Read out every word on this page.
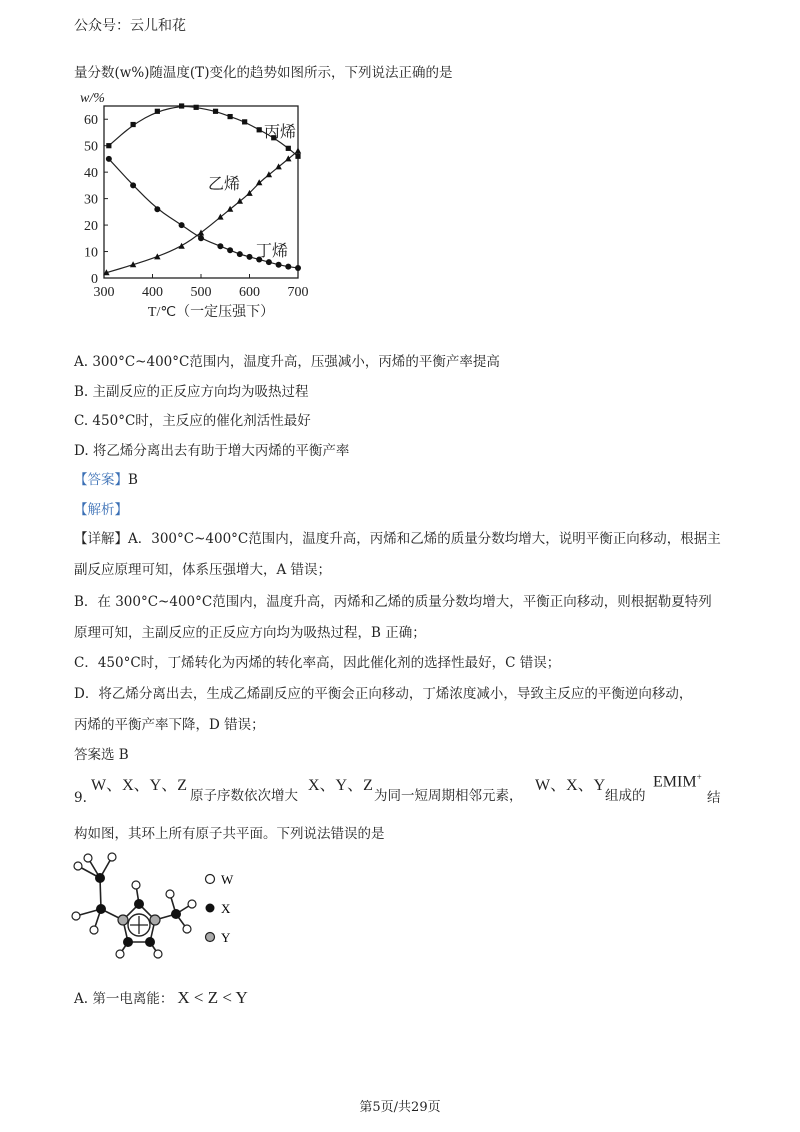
公众号：云儿和花
量分数(w%)随温度(T)变化的趋势如图所示，下列说法正确的是
300 400 500 600 700
0
10
20
30
40
50
60
w/%
T/℃（一定压强下）
丙烯
乙烯
丁烯
A. 300°C~400°C范围内，温度升高，压强减小，丙烯的平衡产率提高
B. 主副反应的正反应方向均为吸热过程
C. 450°C时，主反应的催化剂活性最好
D. 将乙烯分离出去有助于增大丙烯的平衡产率
【答案】B
【解析】
【详解】A．300°C~400°C范围内，温度升高，丙烯和乙烯的质量分数均增大，说明平衡正向移动，根据主
副反应原理可知，体系压强增大，A 错误；
B．在 300°C~400°C范围内，温度升高，丙烯和乙烯的质量分数均增大，平衡正向移动，则根据勒夏特列
原理可知，主副反应的正反应方向均为吸热过程，B 正确；
C．450°C时，丁烯转化为丙烯的转化率高，因此催化剂的选择性最好，C 错误；
D．将乙烯分离出去，生成乙烯副反应的平衡会正向移动，丁烯浓度减小，导致主反应的平衡逆向移动，
丙烯的平衡产率下降，D 错误；
答案选 B
9.
W、X、Y、Z
原子序数依次增大
X、Y、Z
为同一短周期相邻元素，
W、X、Y
组成的
EMIM+
结
构如图，其环上所有原子共平面。下列说法错误的是
W
X
Y
A. 第一电离能： X < Z < Y
第5页/共29页
